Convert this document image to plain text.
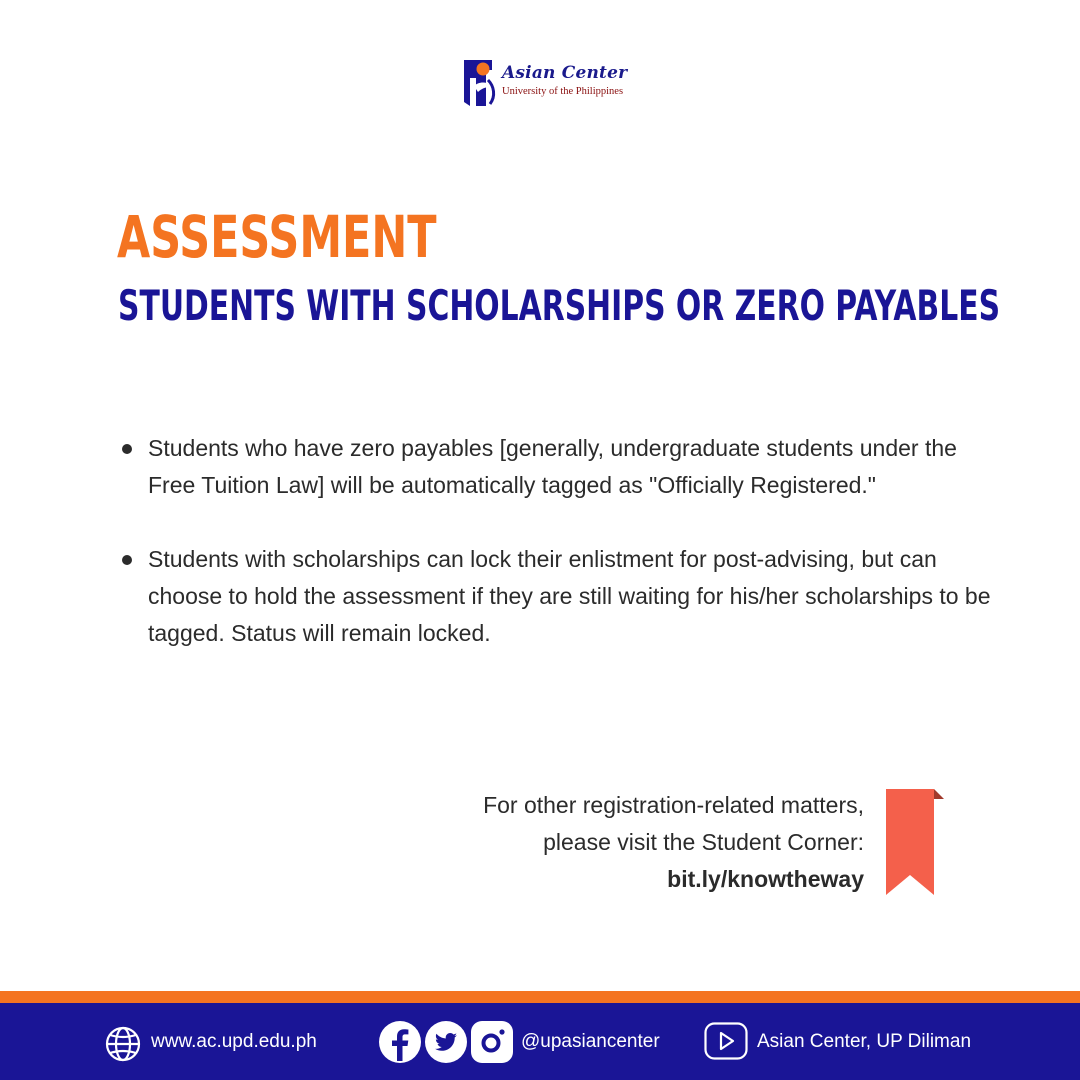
Asian Center
University of the Philippines
ASSESSMENT
STUDENTS WITH SCHOLARSHIPS OR ZERO PAYABLES
Students who have zero payables [generally, undergraduate students under the Free Tuition Law] will be automatically tagged as "Officially Registered."
Students with scholarships can lock their enlistment for post-advising, but can choose to hold the assessment if they are still waiting for his/her scholarships to be tagged. Status will remain locked.
For other registration-related matters,
please visit the Student Corner:
bit.ly/knowtheway
www.ac.upd.edu.ph	@upasiancenter	Asian Center, UP Diliman
